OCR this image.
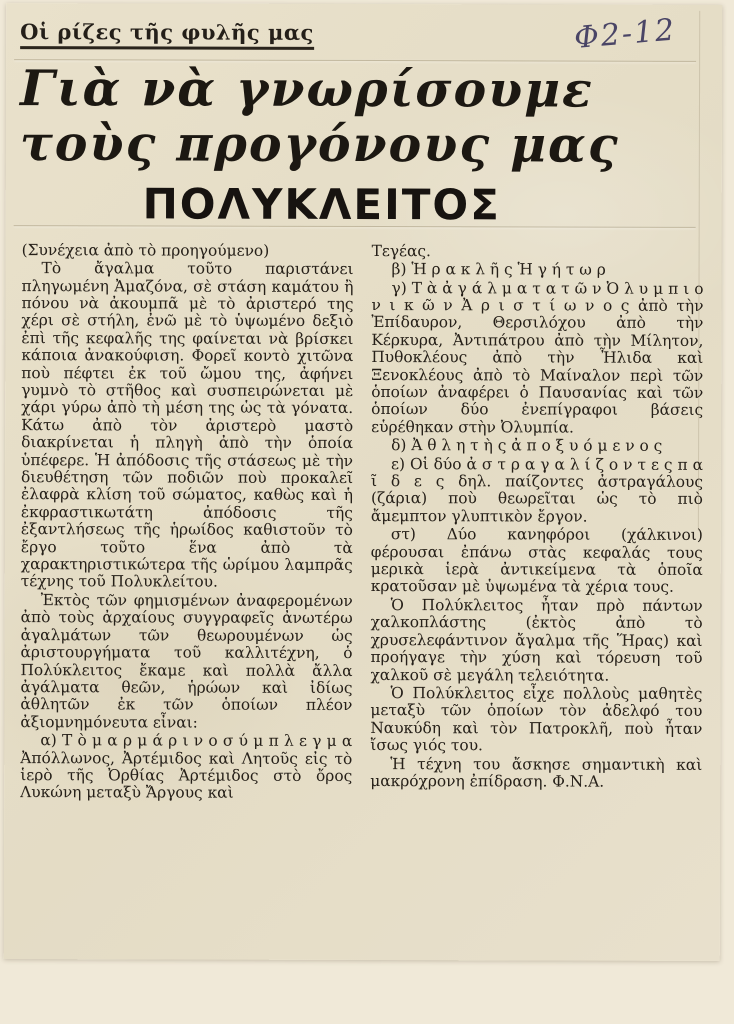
Οἱ ρίζες τῆς φυλῆς μας	Φ2-12
Γιὰ νὰ γνωρίσουμε
τοὺς προγόνους μας
ΠΟΛΥΚΛΕΙΤΟΣ

(Συνέχεια ἀπὸ τὸ προηγούμενο)

Τὸ ἄγαλμα τοῦτο παριστάνει πληγωμένη Ἀμαζόνα, σὲ στάση καμάτου ἢ πόνου νὰ ἀκουμπᾶ μὲ τὸ ἀριστερό της χέρι σὲ στήλη, ἐνῶ μὲ τὸ ὑψωμένο δεξιὸ ἐπὶ τῆς κεφαλῆς της φαίνεται νὰ βρίσκει κάποια ἀνακούφιση. Φορεῖ κοντὸ χιτῶνα ποὺ πέφτει ἐκ τοῦ ὤμου της, ἀφήνει γυμνὸ τὸ στῆθος καὶ συσπειρώνεται μὲ χάρι γύρω ἀπὸ τὴ μέση της ὡς τὰ γόνατα. Κάτω ἀπὸ τὸν ἀριστερὸ μαστὸ διακρίνεται ἡ πληγὴ ἀπὸ τὴν ὁποία ὑπέφερε. Ἡ ἀπόδοσις τῆς στάσεως μὲ τὴν διευθέτηση τῶν ποδιῶν ποὺ προκαλεῖ ἐλαφρὰ κλίση τοῦ σώματος, καθὼς καὶ ἡ ἐκφραστικωτάτη ἀπόδοσις τῆς ἐξαντλήσεως τῆς ἡρωίδος καθιστοῦν τὸ ἔργο τοῦτο ἕνα ἀπὸ τὰ χαρακτηριστικώτερα τῆς ὡρίμου λαμπρᾶς τέχνης τοῦ Πολυκλείτου.

Ἐκτὸς τῶν φημισμένων ἀναφερομένων ἀπὸ τοὺς ἀρχαίους συγγραφεῖς ἀνωτέρω ἀγαλμάτων τῶν θεωρουμένων ὡς ἀριστουργήματα τοῦ καλλιτέχνη, ὁ Πολύκλειτος ἔκαμε καὶ πολλὰ ἄλλα ἀγάλματα θεῶν, ἡρώων καὶ ἰδίως ἀθλητῶν ἐκ τῶν ὁποίων πλέον ἀξιομνημόνευτα εἶναι:

α) Τ ὸ μ α ρ μ ά ρ ι ν ο σ ύ μ π λ ε γ μ α Ἀπόλλωνος, Ἀρτέμιδος καὶ Λητοῦς εἰς τὸ ἱερὸ τῆς Ὀρθίας Ἀρτέμιδος στὸ ὄρος Λυκώνη μεταξὺ Ἄργους καὶ

Τεγέας.

β) Ἡ ρ α κ λ ῆ ς Ἡ γ ή τ ω ρ

γ) Τ ὰ ἀ γ ά λ μ α τ α τ ῶ ν Ὀ λ υ μ π ι ο ν ι κ ῶ ν Ἀ ρ ι σ τ ί ω ν ο ς ἀπὸ τὴν Ἐπίδαυρον, Θερσιλόχου ἀπὸ τὴν Κέρκυρα, Ἀντιπάτρου ἀπὸ τὴν Μίλητον, Πυθοκλέους ἀπὸ τὴν Ἦλιδα καὶ Ξενοκλέους ἀπὸ τὸ Μαίναλον περὶ τῶν ὁποίων ἀναφέρει ὁ Παυσανίας καὶ τῶν ὁποίων δύο ἐνεπίγραφοι βάσεις εὑρέθηκαν στὴν Ὀλυμπία.

δ) Ἀ θ λ η τ ὴ ς ἀ π ο ξ υ ό μ ε ν ο ς

ε) Οἱ δύο ἀ σ τ ρ α γ α λ ί ζ ο ν τ ε ς π α ῖ δ ε ς δηλ. παίζοντες ἀστραγάλους (ζάρια) ποὺ θεωρεῖται ὡς τὸ πιὸ ἄμεμπτον γλυπτικὸν ἔργον.

στ) Δύο κανηφόροι (χάλκινοι) φέρουσαι ἐπάνω στὰς κεφαλάς τους μερικὰ ἱερὰ ἀντικείμενα τὰ ὁποῖα κρατοῦσαν μὲ ὑψωμένα τὰ χέρια τους.

Ὁ Πολύκλειτος ἦταν πρὸ πάντων χαλκοπλάστης (ἐκτὸς ἀπὸ τὸ χρυσελεφάντινον ἄγαλμα τῆς Ἥρας) καὶ προήγαγε τὴν χύση καὶ τόρευση τοῦ χαλκοῦ σὲ μεγάλη τελειότητα.

Ὁ Πολύκλειτος εἶχε πολλοὺς μαθητὲς μεταξὺ τῶν ὁποίων τὸν ἀδελφό του Ναυκύδη καὶ τὸν Πατροκλῆ, ποὺ ἦταν ἴσως γιός του.

Ἡ τέχνη του ἄσκησε σημαντικὴ καὶ μακρόχρονη ἐπίδραση. Φ.Ν.Α.
